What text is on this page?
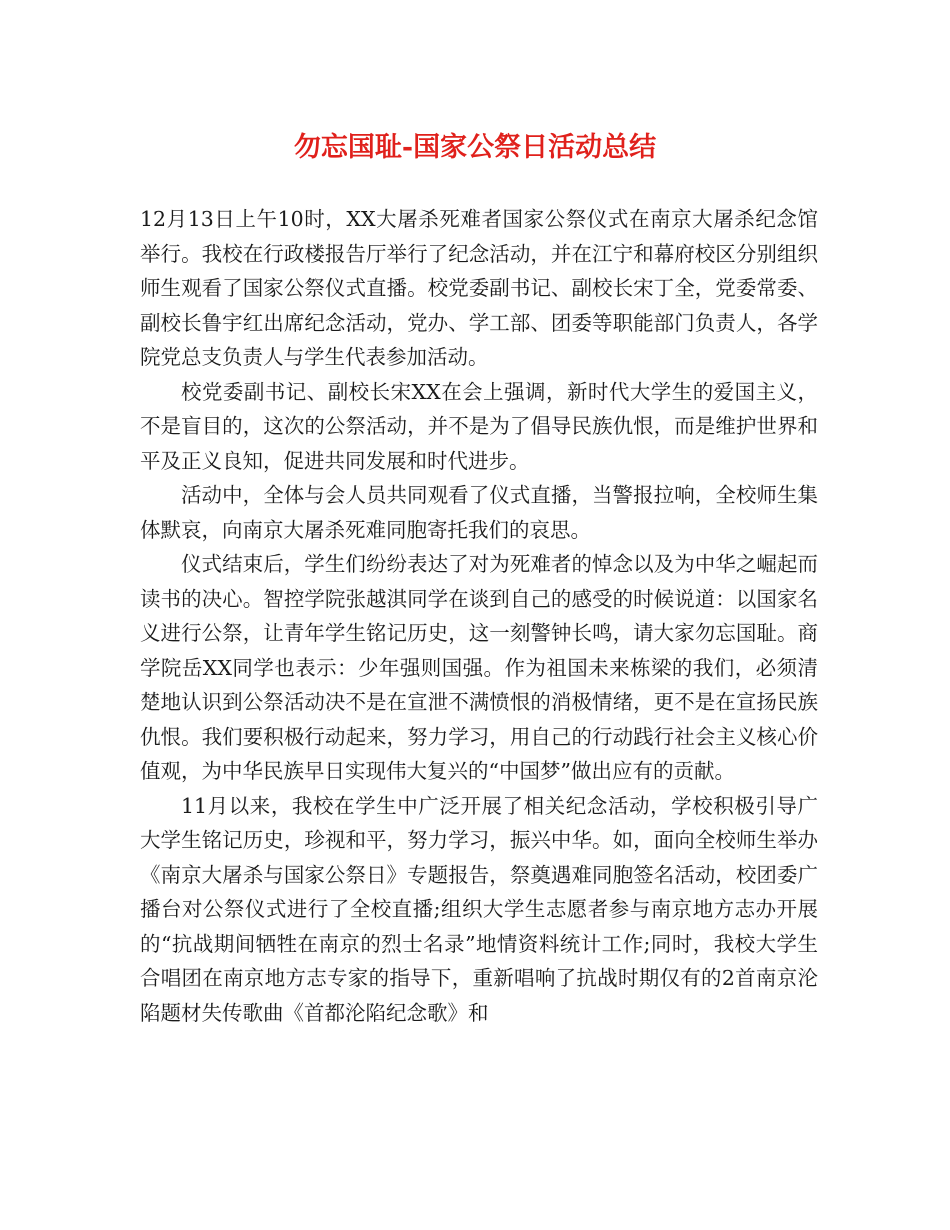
勿忘国耻-国家公祭日活动总结

12月13日上午10时，XX大屠杀死难者国家公祭仪式在南京大屠杀纪念馆举行。我校在行政楼报告厅举行了纪念活动，并在江宁和幕府校区分别组织师生观看了国家公祭仪式直播。校党委副书记、副校长宋丁全，党委常委、副校长鲁宇红出席纪念活动，党办、学工部、团委等职能部门负责人，各学院党总支负责人与学生代表参加活动。

校党委副书记、副校长宋XX在会上强调，新时代大学生的爱国主义，不是盲目的，这次的公祭活动，并不是为了倡导民族仇恨，而是维护世界和平及正义良知，促进共同发展和时代进步。

活动中，全体与会人员共同观看了仪式直播，当警报拉响，全校师生集体默哀，向南京大屠杀死难同胞寄托我们的哀思。

仪式结束后，学生们纷纷表达了对为死难者的悼念以及为中华之崛起而读书的决心。智控学院张越淇同学在谈到自己的感受的时候说道：以国家名义进行公祭，让青年学生铭记历史，这一刻警钟长鸣，请大家勿忘国耻。商学院岳XX同学也表示：少年强则国强。作为祖国未来栋梁的我们，必须清楚地认识到公祭活动决不是在宣泄不满愤恨的消极情绪，更不是在宣扬民族仇恨。我们要积极行动起来，努力学习，用自己的行动践行社会主义核心价值观，为中华民族早日实现伟大复兴的“中国梦”做出应有的贡献。

11月以来，我校在学生中广泛开展了相关纪念活动，学校积极引导广大学生铭记历史，珍视和平，努力学习，振兴中华。如，面向全校师生举办《南京大屠杀与国家公祭日》专题报告，祭奠遇难同胞签名活动，校团委广播台对公祭仪式进行了全校直播;组织大学生志愿者参与南京地方志办开展的“抗战期间牺牲在南京的烈士名录”地情资料统计工作;同时，我校大学生合唱团在南京地方志专家的指导下，重新唱响了抗战时期仅有的2首南京沦陷题材失传歌曲《首都沦陷纪念歌》和
